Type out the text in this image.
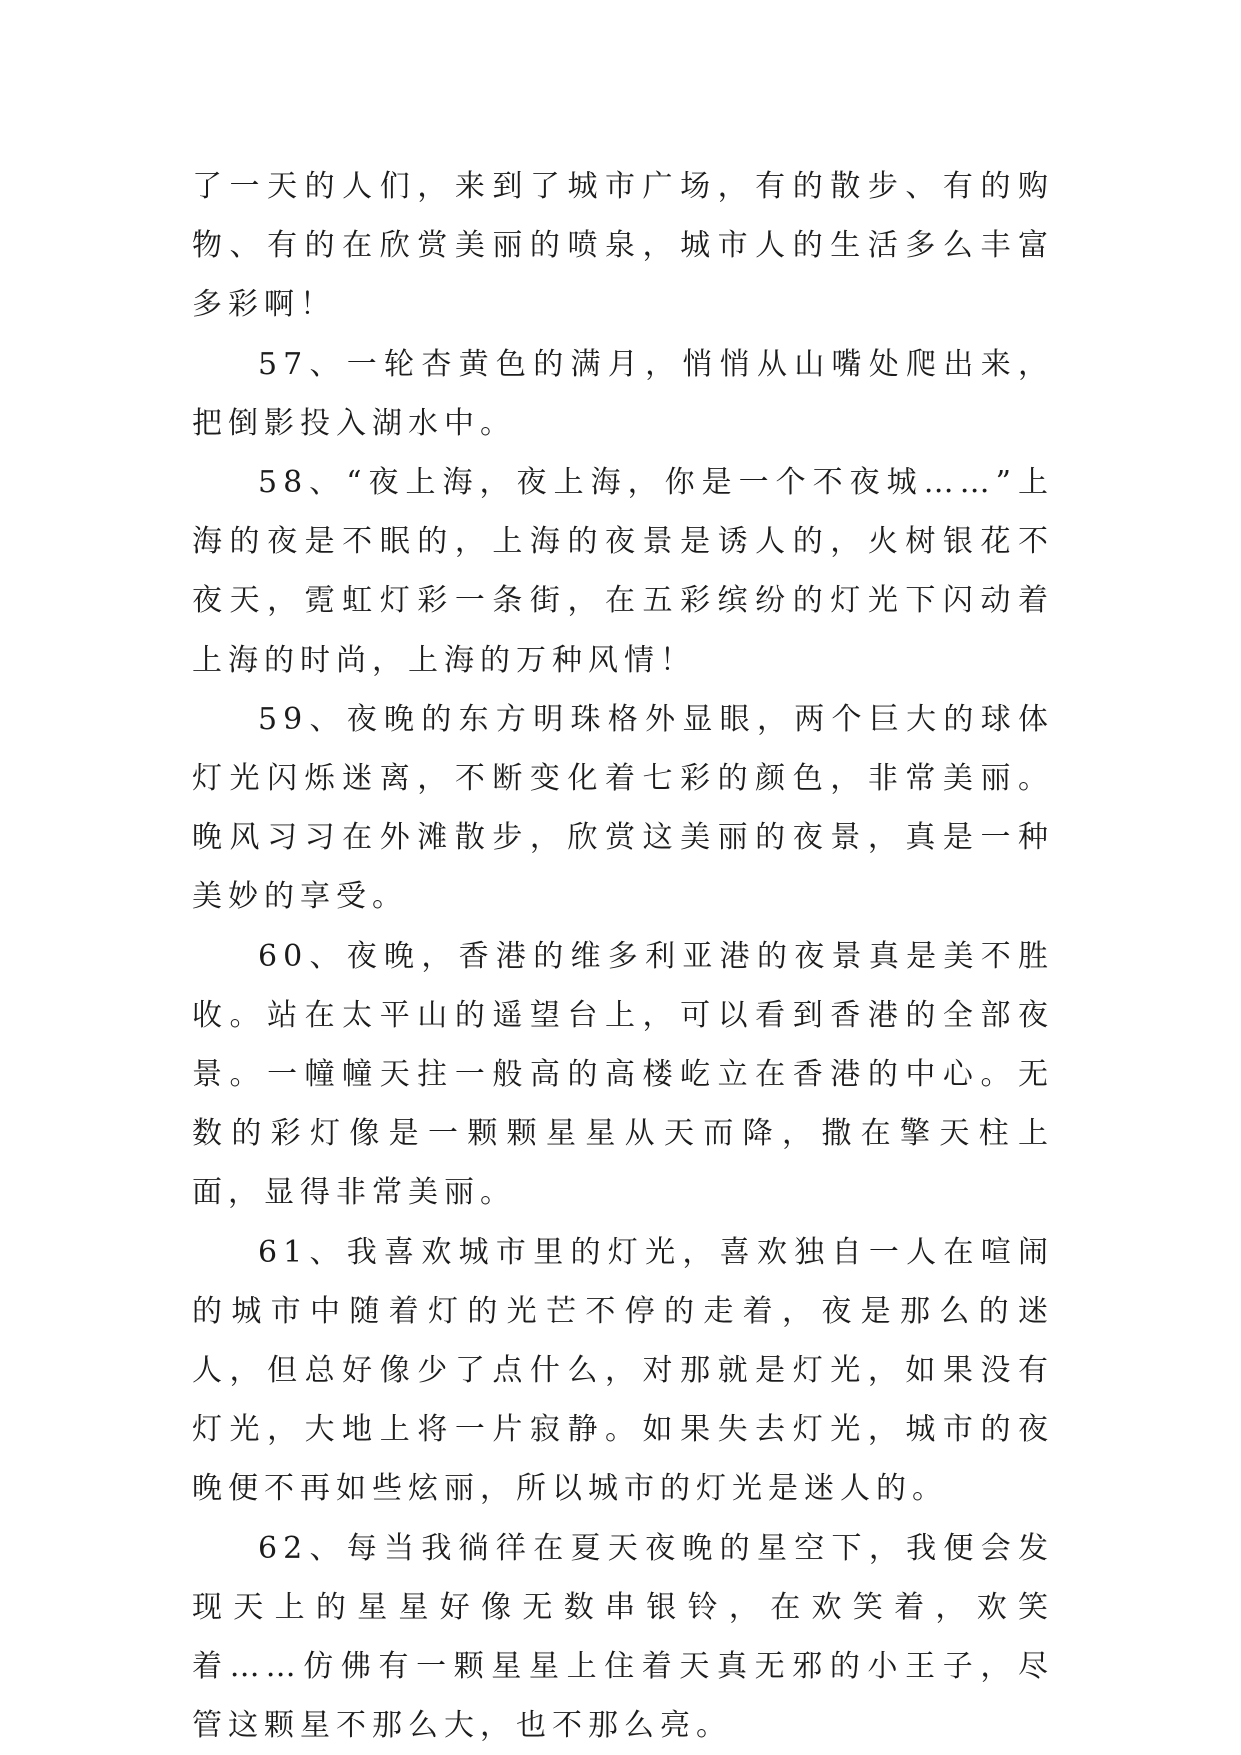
了一天的人们，来到了城市广场，有的散步、有的购物、有的在欣赏美丽的喷泉，城市人的生活多么丰富多彩啊！

57、一轮杏黄色的满月，悄悄从山嘴处爬出来，把倒影投入湖水中。

58、“夜上海，夜上海，你是一个不夜城……”上海的夜是不眠的，上海的夜景是诱人的，火树银花不夜天，霓虹灯彩一条街，在五彩缤纷的灯光下闪动着上海的时尚，上海的万种风情！

59、夜晚的东方明珠格外显眼，两个巨大的球体灯光闪烁迷离，不断变化着七彩的颜色，非常美丽。晚风习习在外滩散步，欣赏这美丽的夜景，真是一种美妙的享受。

60、夜晚，香港的维多利亚港的夜景真是美不胜收。站在太平山的遥望台上，可以看到香港的全部夜景。一幢幢天拄一般高的高楼屹立在香港的中心。无数的彩灯像是一颗颗星星从天而降，撒在擎天柱上面，显得非常美丽。

61、我喜欢城市里的灯光，喜欢独自一人在喧闹的城市中随着灯的光芒不停的走着，夜是那么的迷人，但总好像少了点什么，对那就是灯光，如果没有灯光，大地上将一片寂静。如果失去灯光，城市的夜晚便不再如些炫丽，所以城市的灯光是迷人的。

62、每当我徜徉在夏天夜晚的星空下，我便会发现天上的星星好像无数串银铃，在欢笑着，欢笑着……仿佛有一颗星星上住着天真无邪的小王子，尽管这颗星不那么大，也不那么亮。
